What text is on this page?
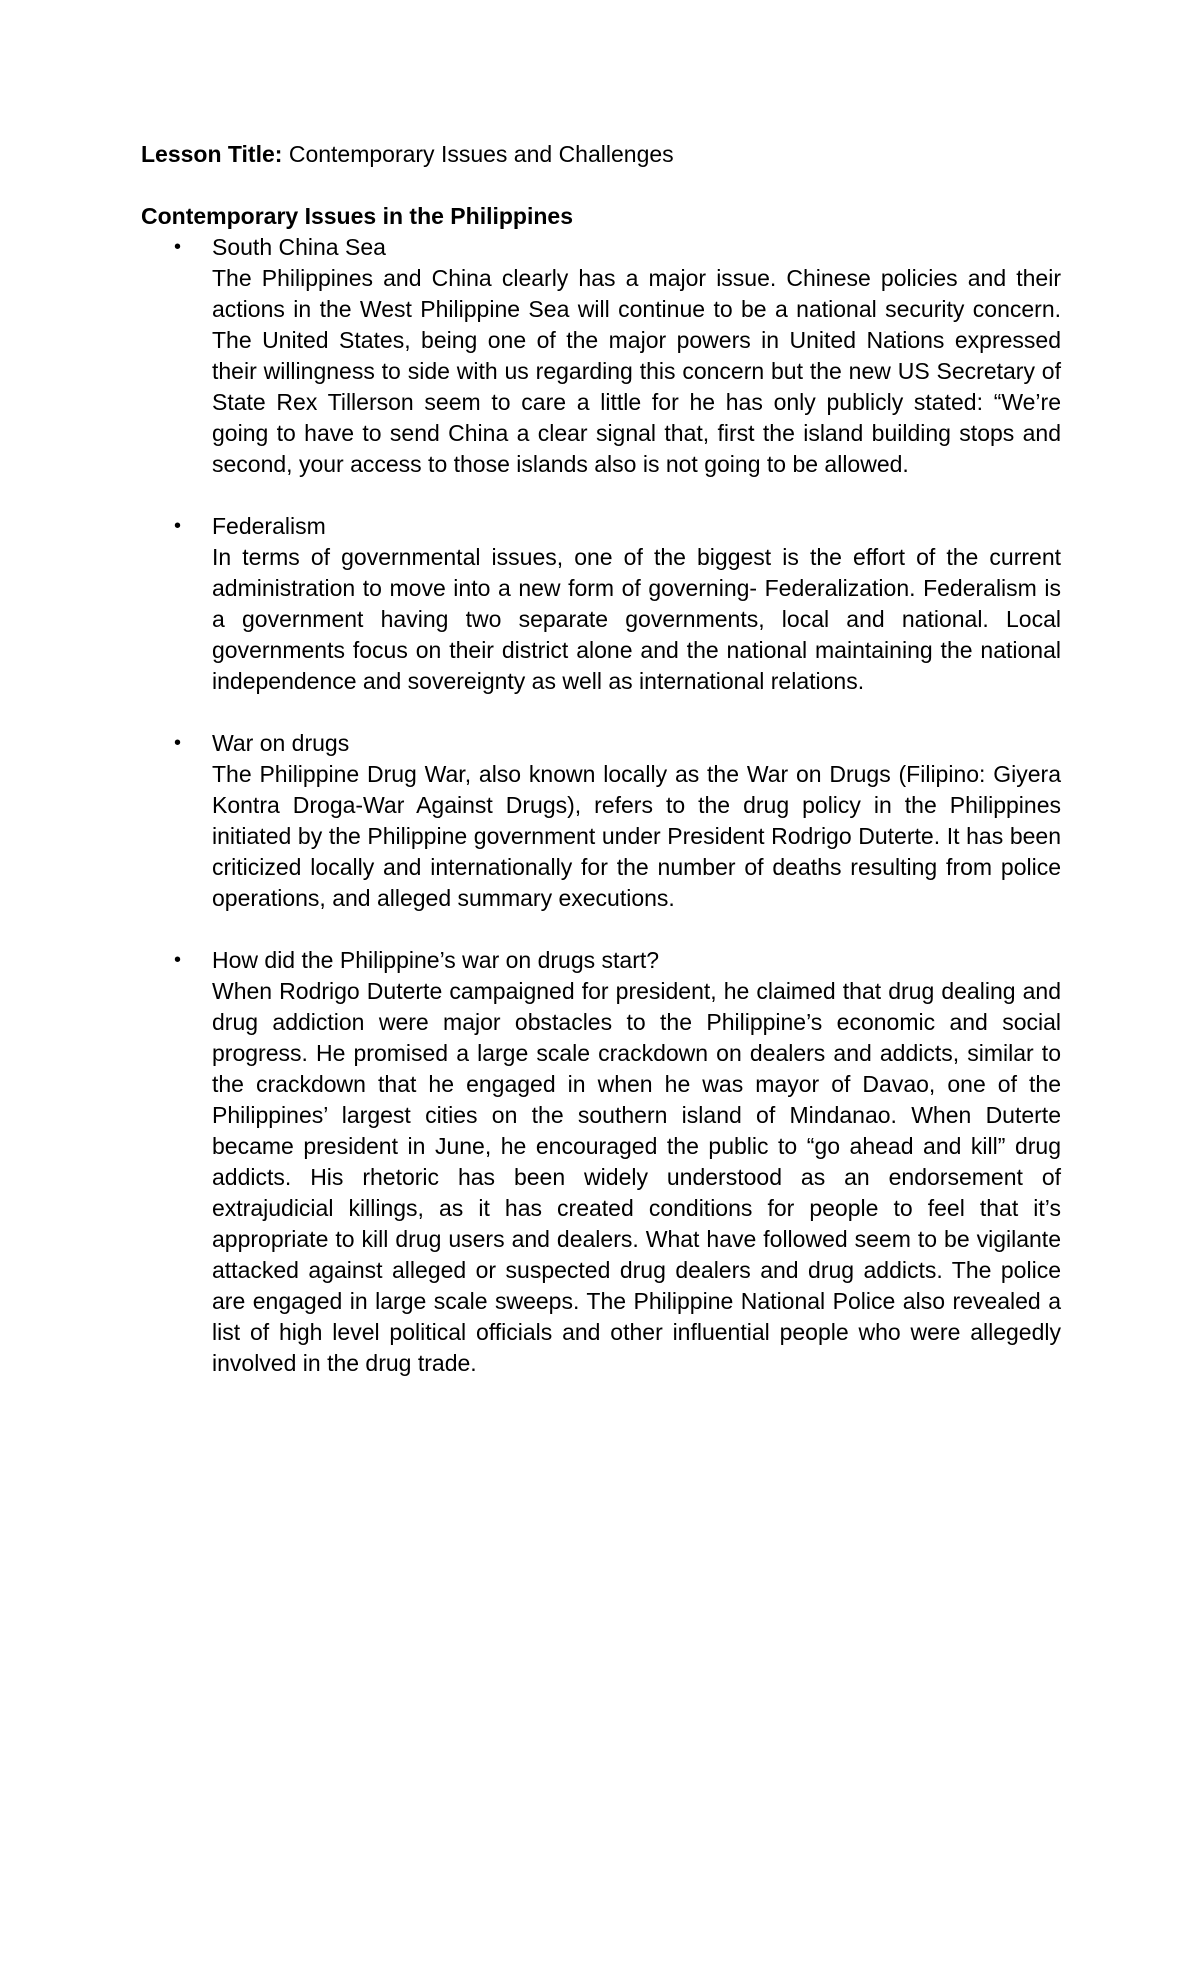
Lesson Title: Contemporary Issues and Challenges

Contemporary Issues in the Philippines
• South China Sea

The Philippines and China clearly has a major issue. Chinese policies and their actions in the West Philippine Sea will continue to be a national security concern. The United States, being one of the major powers in United Nations expressed their willingness to side with us regarding this concern but the new US Secretary of State Rex Tillerson seem to care a little for he has only publicly stated: “We’re going to have to send China a clear signal that, first the island building stops and second, your access to those islands also is not going to be allowed.

• Federalism

In terms of governmental issues, one of the biggest is the effort of the current administration to move into a new form of governing- Federalization. Federalism is a government having two separate governments, local and national. Local governments focus on their district alone and the national maintaining the national independence and sovereignty as well as international relations.

• War on drugs

The Philippine Drug War, also known locally as the War on Drugs (Filipino: Giyera Kontra Droga-War Against Drugs), refers to the drug policy in the Philippines initiated by the Philippine government under President Rodrigo Duterte. It has been criticized locally and internationally for the number of deaths resulting from police operations, and alleged summary executions.

• How did the Philippine’s war on drugs start?

When Rodrigo Duterte campaigned for president, he claimed that drug dealing and drug addiction were major obstacles to the Philippine’s economic and social progress. He promised a large scale crackdown on dealers and addicts, similar to the crackdown that he engaged in when he was mayor of Davao, one of the Philippines’ largest cities on the southern island of Mindanao. When Duterte became president in June, he encouraged the public to “go ahead and kill” drug addicts. His rhetoric has been widely understood as an endorsement of extrajudicial killings, as it has created conditions for people to feel that it’s appropriate to kill drug users and dealers. What have followed seem to be vigilante attacked against alleged or suspected drug dealers and drug addicts. The police are engaged in large scale sweeps. The Philippine National Police also revealed a list of high level political officials and other influential people who were allegedly involved in the drug trade.
